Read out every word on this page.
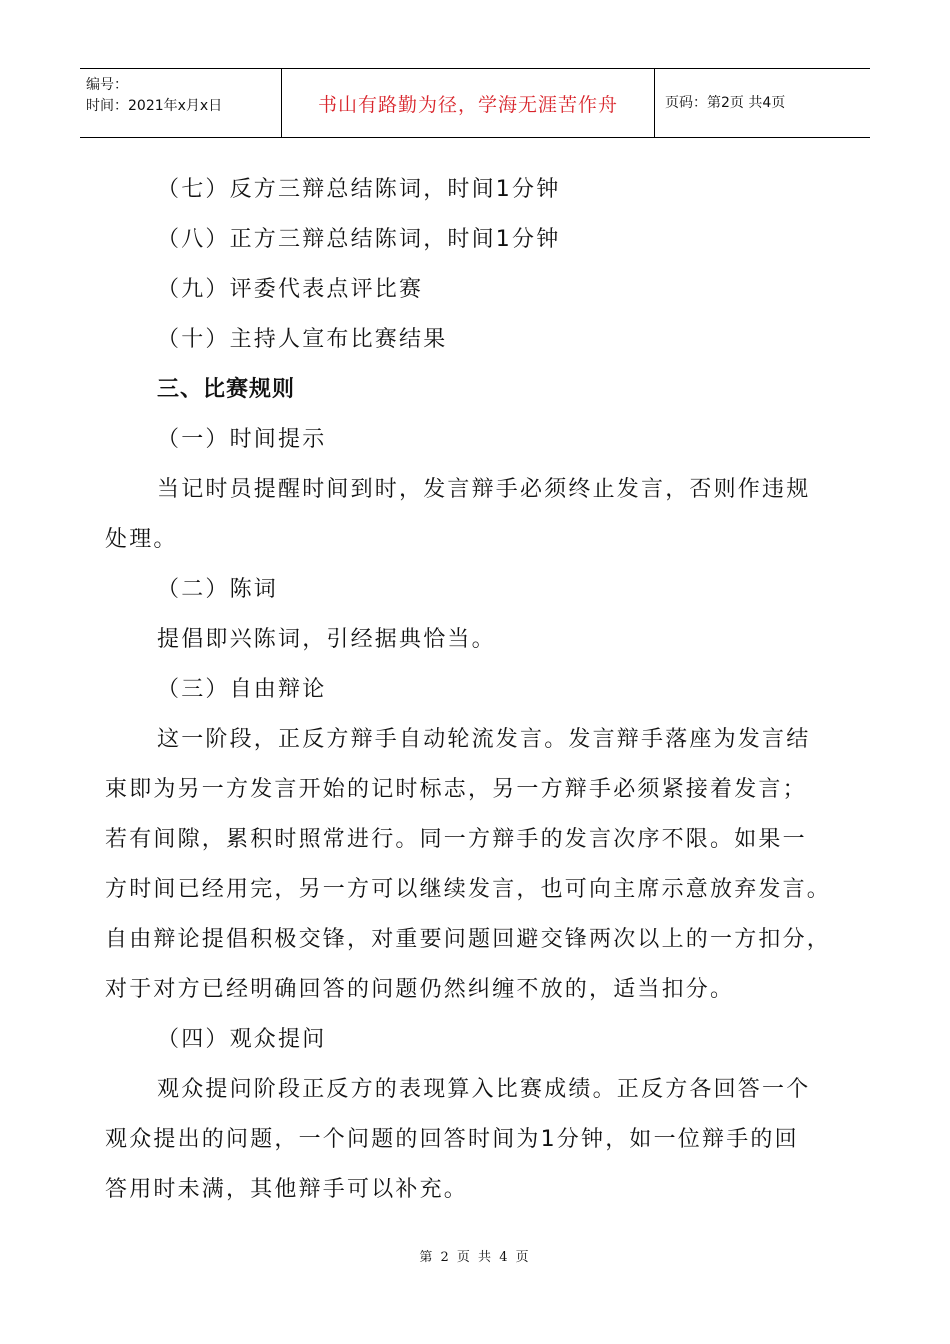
编号：
时间：2021年x月x日	书山有路勤为径，学海无涯苦作舟	页码：第2页 共4页
（七）反方三辩总结陈词，时间1分钟
（八）正方三辩总结陈词，时间1分钟
（九）评委代表点评比赛
（十）主持人宣布比赛结果
三、比赛规则
（一）时间提示
当记时员提醒时间到时，发言辩手必须终止发言，否则作违规
处理。
（二）陈词
提倡即兴陈词，引经据典恰当。
（三）自由辩论
这一阶段，正反方辩手自动轮流发言。发言辩手落座为发言结
束即为另一方发言开始的记时标志，另一方辩手必须紧接着发言；
若有间隙，累积时照常进行。同一方辩手的发言次序不限。如果一
方时间已经用完，另一方可以继续发言，也可向主席示意放弃发言。
自由辩论提倡积极交锋，对重要问题回避交锋两次以上的一方扣分，
对于对方已经明确回答的问题仍然纠缠不放的，适当扣分。
（四）观众提问
观众提问阶段正反方的表现算入比赛成绩。正反方各回答一个
观众提出的问题，一个问题的回答时间为1分钟，如一位辩手的回
答用时未满，其他辩手可以补充。
第 2 页 共 4 页
